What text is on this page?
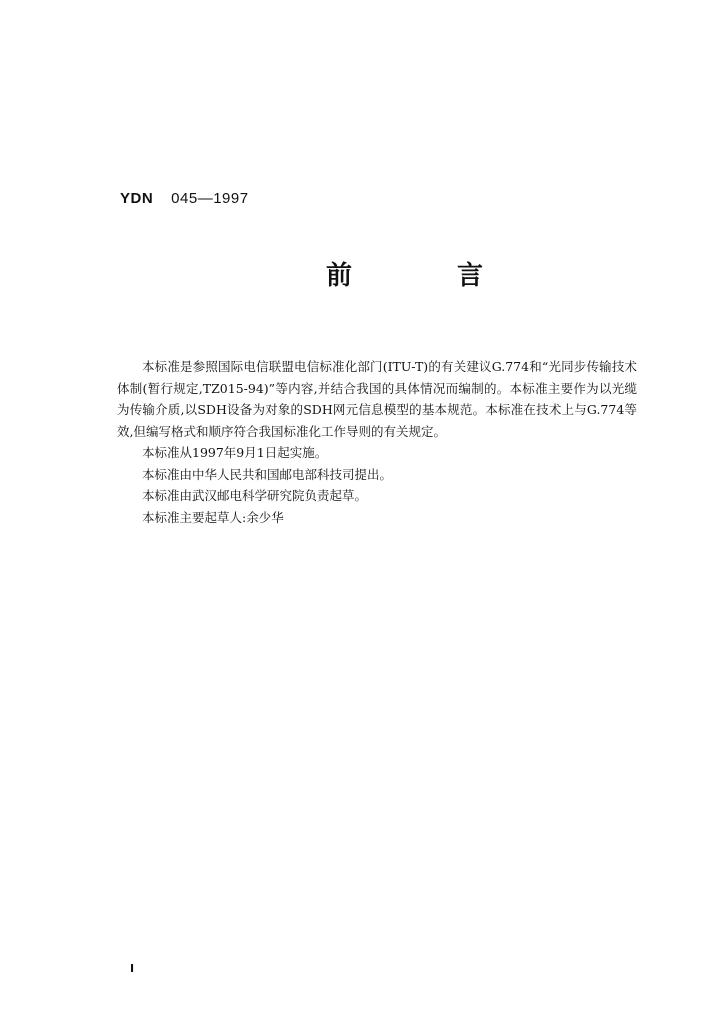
YDN 045—1997
前 言

本标准是参照国际电信联盟电信标准化部门(ITU-T)的有关建议G.774和“光同步传输技术体制(暂行规定,TZ015-94)”等内容,并结合我国的具体情况而编制的。本标准主要作为以光缆为传输介质,以SDH设备为对象的SDH网元信息模型的基本规范。本标准在技术上与G.774等效,但编写格式和顺序符合我国标准化工作导则的有关规定。

本标准从1997年9月1日起实施。

本标准由中华人民共和国邮电部科技司提出。

本标准由武汉邮电科学研究院负责起草。

本标准主要起草人:余少华

I
